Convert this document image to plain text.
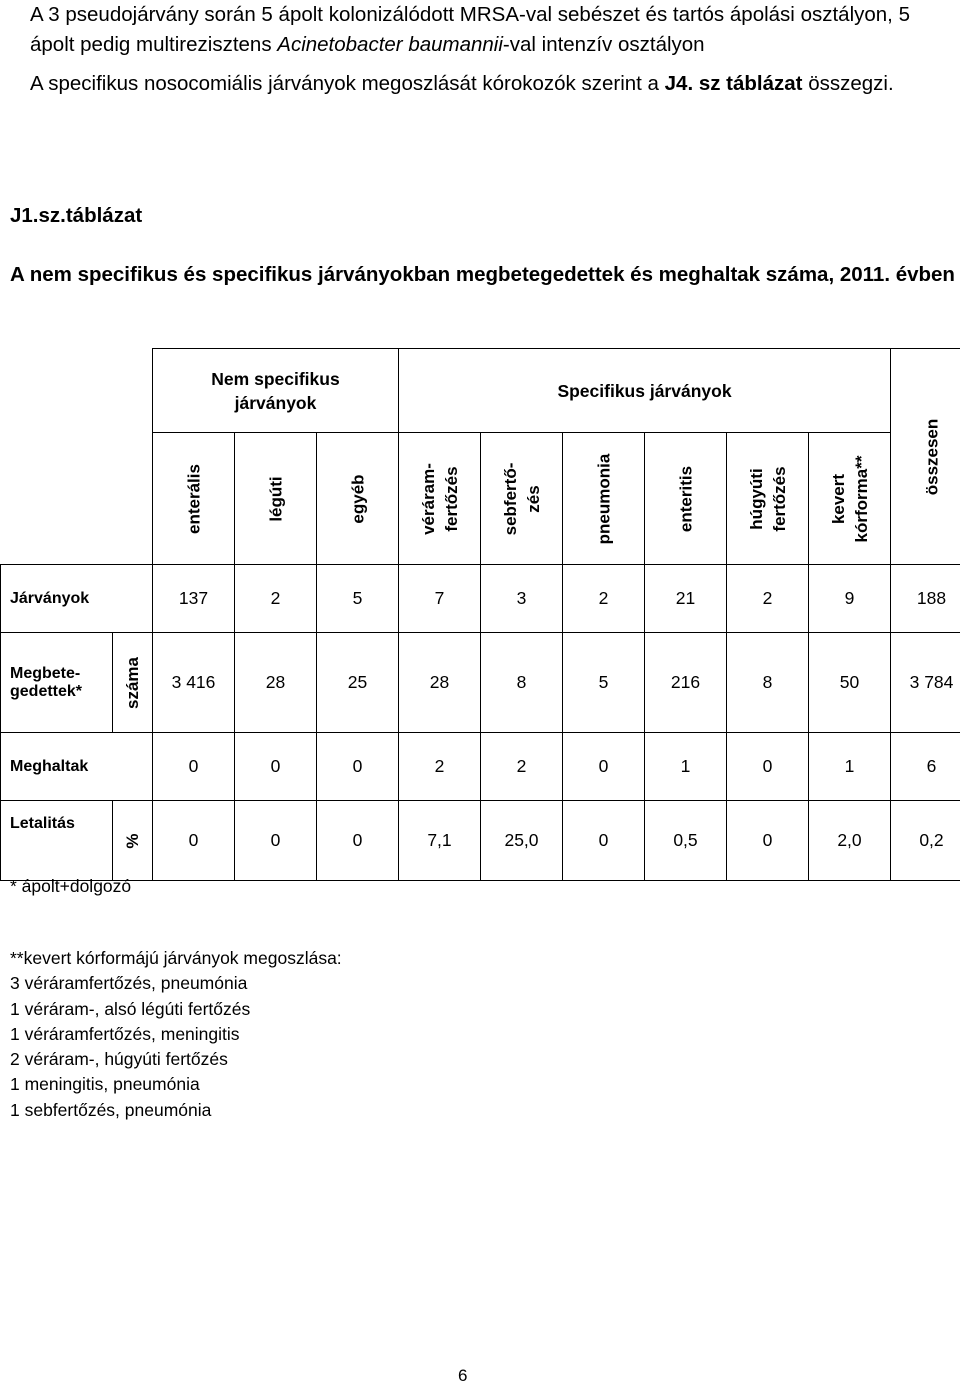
A 3 pseudojárvány során 5 ápolt kolonizálódott MRSA-val sebészet és tartós ápolási osztályon, 5 ápolt pedig multirezisztens Acinetobacter baumannii-val intenzív osztályon

A specifikus nosocomiális járványok megoszlását kórokozók szerint a J4. sz táblázat összegzi.

J1.sz.táblázat
A nem specifikus és specifikus járványokban megbetegedettek és meghaltak száma, 2011. évben
		Nem specifikus járványok			Specifikus járványok						összesen

		enterális	légúti	egyéb	véráram- fertőzés	sebfertő- zés	pneumonia	enteritis	húgyúti fertőzés	kevert kórforma**	

Járványok		137	2	5	7	3	2	21	2	9	188
Megbete-
gedettek*	száma	3 416	28	25	28	8	5	216	8	50	3 784
Meghaltak		0	0	0	2	2	0	1	0	1	6
Letalitás	%	0	0	0	7,1	25,0	0	0,5	0	2,0	0,2
* ápolt+dolgozó
**kevert kórformájú járványok megoszlása:
3 véráramfertőzés, pneumónia
1 véráram-, alsó légúti fertőzés
1 véráramfertőzés, meningitis
2 véráram-, húgyúti fertőzés
1 meningitis, pneumónia
1 sebfertőzés, pneumónia
6
